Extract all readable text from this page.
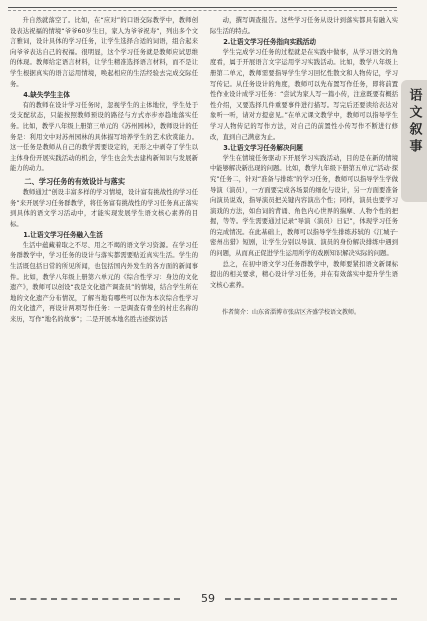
升自然就落空了。比如，在“应对”的口语交际教学中，教师创设表达祝福的情境“爷爷60岁生日，家人为爷爷祝寿”，列出多个文言雅词，设计具体的学习任务，让学生选择合适的词语，组合起来向爷爷表达自己的祝福。很明显，这个学习任务就是教师应试思维的体现。教师给定语言材料，让学生精准选择语言材料，而不是让学生根据真实的语言运用情境，唤起相应的生活经验去完成交际任务。

4.缺失学生主体

有的教师在设计学习任务时，忽视学生的主体地位，学生处于受支配状态，只能按照教师预设的路径与方式亦步亦趋地落实任务。比如，教学八年级上册第三单元的《苏州园林》，教师设计的任务是：利用文中对苏州园林的具体描写培养学生的艺术欣赏能力。这一任务是教师从自己的教学需要设定的，无形之中剥夺了学生以主体身份开展实践活动的机会，学生也会失去建构新知识与发展新能力的动力。

二、学习任务的有效设计与落实

教师通过“创设丰富多样的学习情境，设计富有挑战性的学习任务”来开展学习任务群教学，将任务富有挑战性的学习任务真正落实到具体的语文学习活动中，才能实现发展学生语文核心素养的目标。

1.让语文学习任务融入生活

生活中蕴藏着取之不尽、用之不竭的语文学习资源。在学习任务群教学中，学习任务的设计与落实都需要贴近真实生活。学生的生活既包括日常的所见所闻，也包括国内外发生的各方面的新闻事件。比如，教学八年级上册第六单元的《综合性学习：身边的文化遗产》，教师可以创设“我是文化遗产调查员”的情境，结合学生所在地的文化遗产分布情况，了解当地有哪些可以作为本次综合性学习的文化遗产，再设计两项写作任务：一是调查有骨坐的村庄名称的来历，写作“地名的故事”；二是开展本地名胜古迹探访活

动，撰写调查报告。这些学习任务从设计到落实都具有融入实际生活的特点。

2.让语文学习任务指向实践活动

学生完成学习任务的过程就是在实践中做事，从学习语文的角度看，属于开展语言文字运用学习实践活动。比如，教学八年级上册第二单元，教师需要指导学生学习回忆性散文和人物传记，学习写传记。从任务设计的角度，教师可以先布置写作任务，即将前置性作业设计成学习任务：“尝试为家人写一篇小传，注意既要有概括性介绍，又要选择几件重要事件进行描写。写完后还要读给表达对象听一听，请对方提意见。”在单元课文教学中，教师可以指导学生学习人物传记的写作方法，对自己的前置性小传写作不断进行修改，直到自己满意为止。

3.让语文学习任务解决问题

学生在情境任务驱动下开展学习实践活动，目的是在新的情境中能够解决新出现的问题。比如，教学九年级下册第五单元“活动·探究”任务二，针对“准备与排练”的学习任务，教师可以指导学生学做导演（演员），一方面要完成各场景的细化与设计，另一方面要准备向演员说戏，指导演员把关键内容演出个性；同样，演员也要学习演戏的方法，如台词的背诵、角色内心世界的揣摩、人物个性的把握，等等。学生需要通过记录“导演（演员）日记”，体现学习任务的完成情况。在此基础上，教师可以指导学生排练苏轼的《江城子·密州出猎》短剧，让学生分别以导演、演员的身份解决排练中遇到的问题，从而真正促进学生运用所学的戏剧知识解决实际的问题。

总之，在初中语文学习任务群教学中，教师要紧扣语文新课标提出的相关要求，精心设计学习任务，并在有效落实中提升学生语文核心素养。

作者简介：山东省淄博市张店区齐盛学校语文教师。

语文叙事
59
